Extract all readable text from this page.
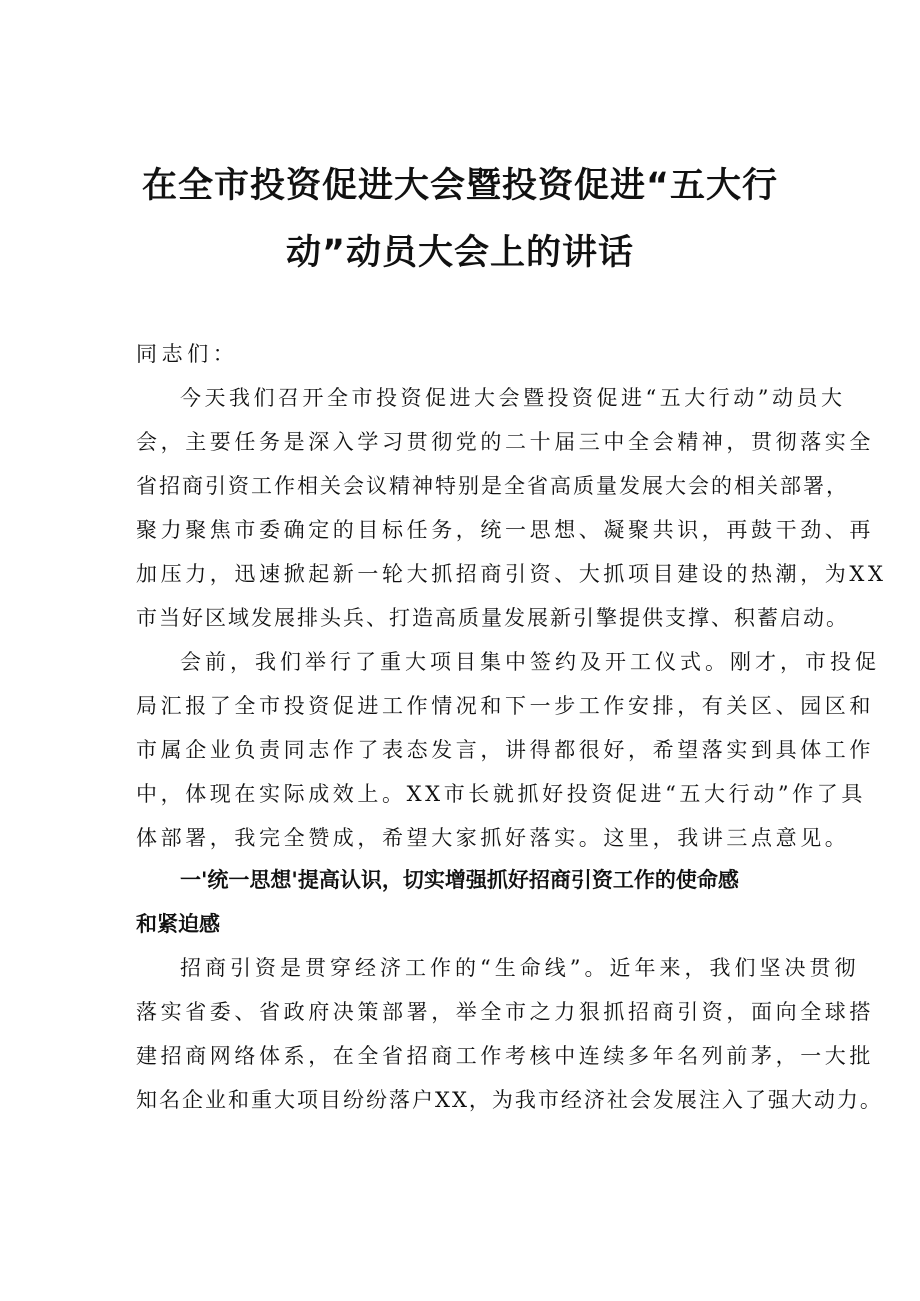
在全市投资促进大会暨投资促进“五大行
动”动员大会上的讲话
同志们：
今天我们召开全市投资促进大会暨投资促进“五大行动”动员大
会，主要任务是深入学习贯彻党的二十届三中全会精神，贯彻落实全
省招商引资工作相关会议精神特别是全省高质量发展大会的相关部署，
聚力聚焦市委确定的目标任务，统一思想、凝聚共识，再鼓干劲、再
加压力，迅速掀起新一轮大抓招商引资、大抓项目建设的热潮，为XX
市当好区域发展排头兵、打造高质量发展新引擎提供支撑、积蓄启动。
会前，我们举行了重大项目集中签约及开工仪式。刚才，市投促
局汇报了全市投资促进工作情况和下一步工作安排，有关区、园区和
市属企业负责同志作了表态发言，讲得都很好，希望落实到具体工作
中，体现在实际成效上。XX市长就抓好投资促进“五大行动”作了具
体部署，我完全赞成，希望大家抓好落实。这里，我讲三点意见。
一'统一思想'提高认识，切实增强抓好招商引资工作的使命感
和紧迫感
招商引资是贯穿经济工作的“生命线”。近年来，我们坚决贯彻
落实省委、省政府决策部署，举全市之力狠抓招商引资，面向全球搭
建招商网络体系，在全省招商工作考核中连续多年名列前茅，一大批
知名企业和重大项目纷纷落户XX，为我市经济社会发展注入了强大动力。
